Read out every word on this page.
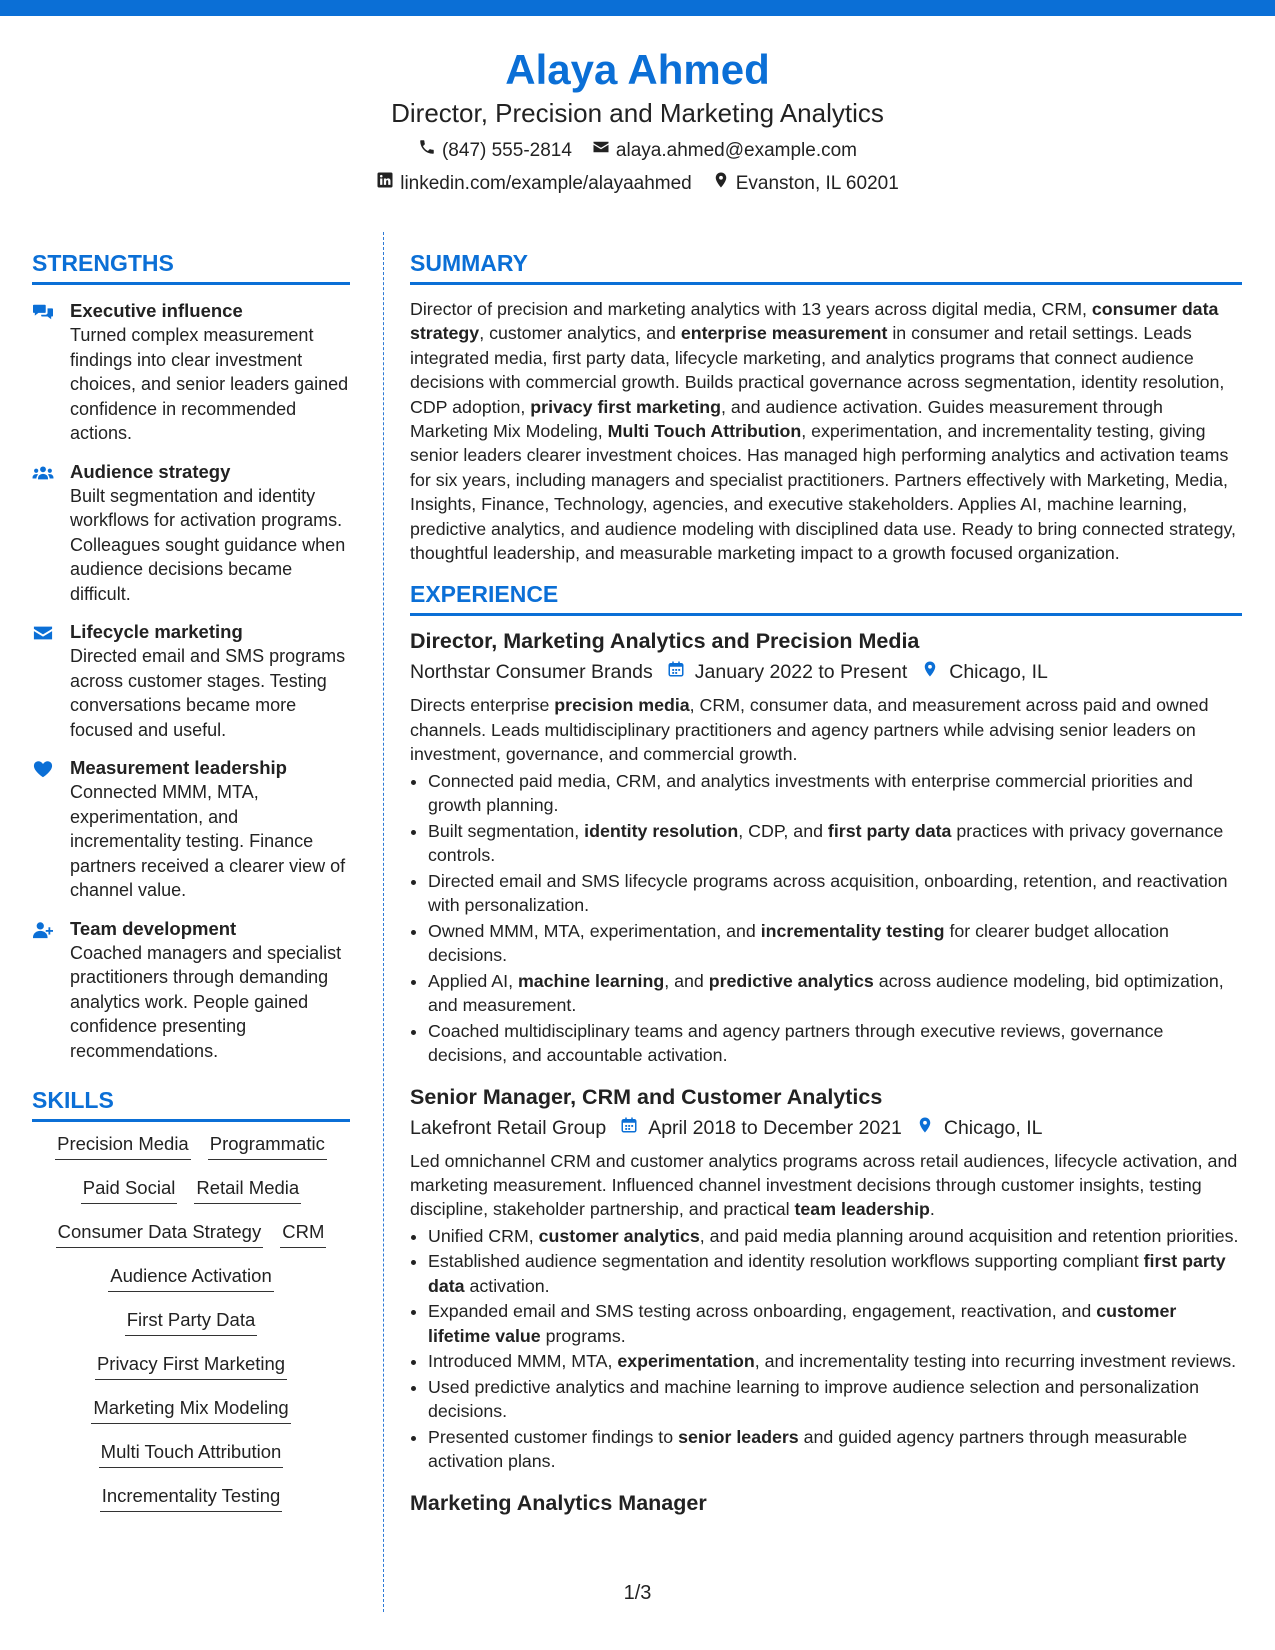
Alaya Ahmed
Director, Precision and Marketing Analytics
(847) 555-2814 alaya.ahmed@example.com
linkedin.com/example/alayaahmed Evanston, IL 60201
STRENGTHS
Executive influence
Turned complex measurement findings into clear investment choices, and senior leaders gained confidence in recommended actions.
Audience strategy
Built segmentation and identity workflows for activation programs. Colleagues sought guidance when audience decisions became difficult.
Lifecycle marketing
Directed email and SMS programs across customer stages. Testing conversations became more focused and useful.
Measurement leadership
Connected MMM, MTA, experimentation, and incrementality testing. Finance partners received a clearer view of channel value.
Team development
Coached managers and specialist practitioners through demanding analytics work. People gained confidence presenting recommendations.
SKILLS
Precision Media Programmatic
Paid Social Retail Media
Consumer Data Strategy CRM
Audience Activation
First Party Data
Privacy First Marketing
Marketing Mix Modeling
Multi Touch Attribution
Incrementality Testing
SUMMARY
Director of precision and marketing analytics with 13 years across digital media, CRM, consumer data strategy, customer analytics, and enterprise measurement in consumer and retail settings. Leads integrated media, first party data, lifecycle marketing, and analytics programs that connect audience decisions with commercial growth. Builds practical governance across segmentation, identity resolution, CDP adoption, privacy first marketing, and audience activation. Guides measurement through Marketing Mix Modeling, Multi Touch Attribution, experimentation, and incrementality testing, giving senior leaders clearer investment choices. Has managed high performing analytics and activation teams for six years, including managers and specialist practitioners. Partners effectively with Marketing, Media, Insights, Finance, Technology, agencies, and executive stakeholders. Applies AI, machine learning, predictive analytics, and audience modeling with disciplined data use. Ready to bring connected strategy, thoughtful leadership, and measurable marketing impact to a growth focused organization.
EXPERIENCE
Director, Marketing Analytics and Precision Media
Northstar Consumer Brands January 2022 to Present Chicago, IL
Directs enterprise precision media, CRM, consumer data, and measurement across paid and owned channels. Leads multidisciplinary practitioners and agency partners while advising senior leaders on investment, governance, and commercial growth.
• Connected paid media, CRM, and analytics investments with enterprise commercial priorities and growth planning.
• Built segmentation, identity resolution, CDP, and first party data practices with privacy governance controls.
• Directed email and SMS lifecycle programs across acquisition, onboarding, retention, and reactivation with personalization.
• Owned MMM, MTA, experimentation, and incrementality testing for clearer budget allocation decisions.
• Applied AI, machine learning, and predictive analytics across audience modeling, bid optimization, and measurement.
• Coached multidisciplinary teams and agency partners through executive reviews, governance decisions, and accountable activation.
Senior Manager, CRM and Customer Analytics
Lakefront Retail Group April 2018 to December 2021 Chicago, IL
Led omnichannel CRM and customer analytics programs across retail audiences, lifecycle activation, and marketing measurement. Influenced channel investment decisions through customer insights, testing discipline, stakeholder partnership, and practical team leadership.
• Unified CRM, customer analytics, and paid media planning around acquisition and retention priorities.
• Established audience segmentation and identity resolution workflows supporting compliant first party data activation.
• Expanded email and SMS testing across onboarding, engagement, reactivation, and customer lifetime value programs.
• Introduced MMM, MTA, experimentation, and incrementality testing into recurring investment reviews.
• Used predictive analytics and machine learning to improve audience selection and personalization decisions.
• Presented customer findings to senior leaders and guided agency partners through measurable activation plans.
Marketing Analytics Manager
1/3
